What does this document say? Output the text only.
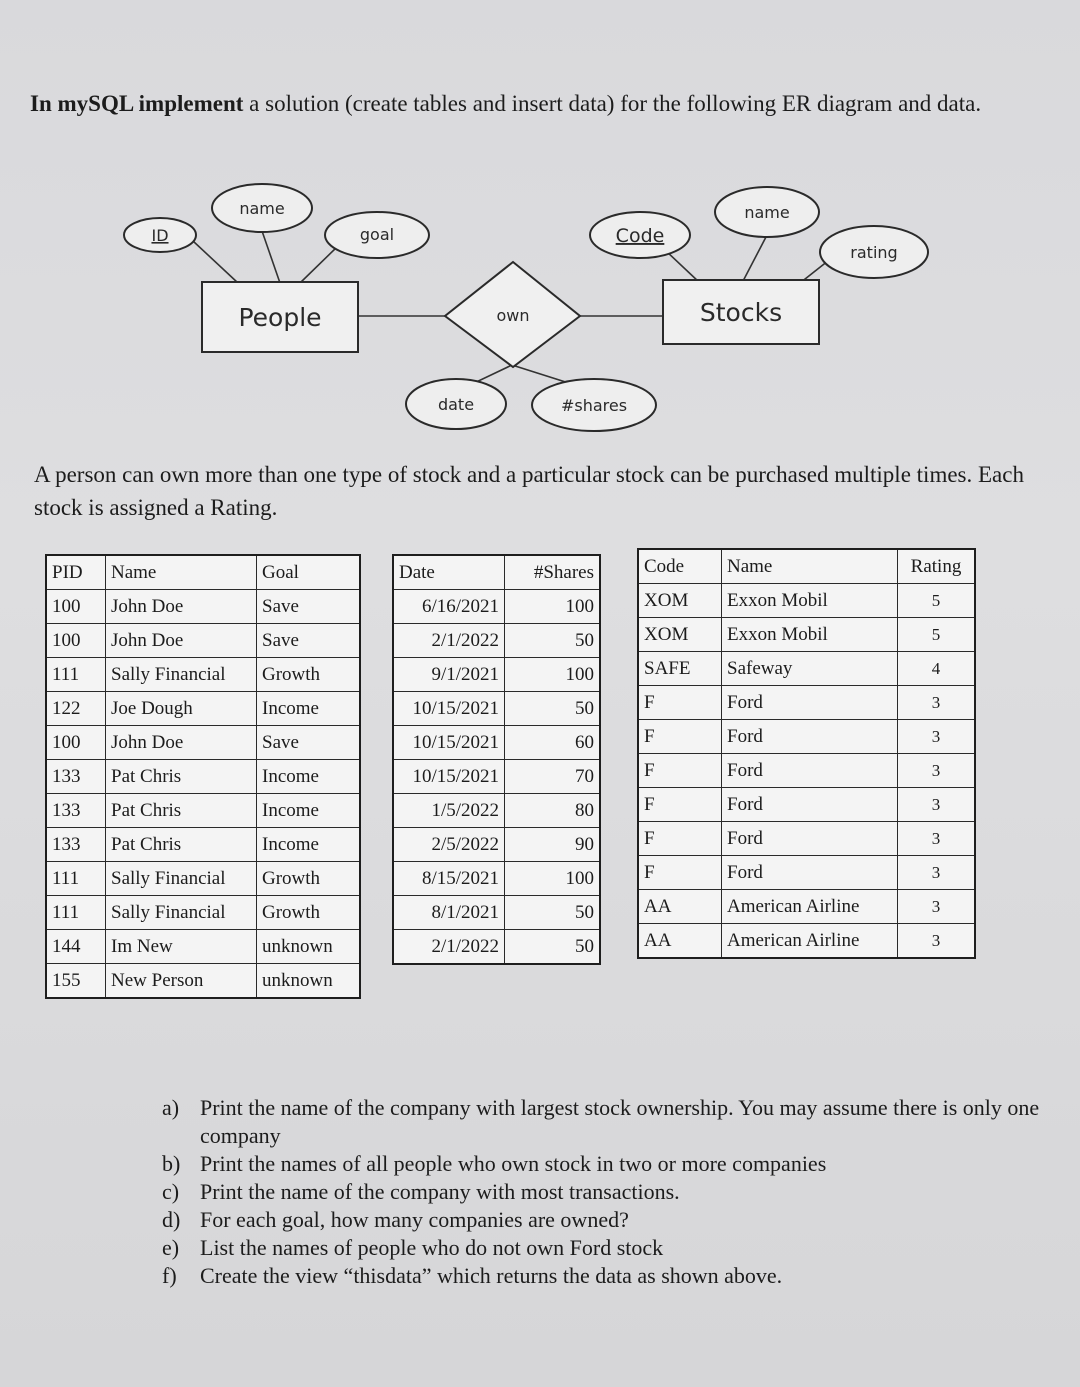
In mySQL implement a solution (create tables and insert data) for the following ER diagram and data.

ID
name
goal	Code
name
rating
date	#shares
People	Stocks
own

A person can own more than one type of stock and a particular stock can be purchased multiple times. Each stock is assigned a Rating.

PID	Name	Goal
100	John Doe	Save
100	John Doe	Save
111	Sally Financial	Growth
122	Joe Dough	Income
100	John Doe	Save
133	Pat Chris	Income
133	Pat Chris	Income
133	Pat Chris	Income
111	Sally Financial	Growth
111	Sally Financial	Growth
144	Im New	unknown
155	New Person	unknown
Date	#Shares
6/16/2021	100
2/1/2022	50
9/1/2021	100
10/15/2021	50
10/15/2021	60
10/15/2021	70
1/5/2022	80
2/5/2022	90
8/15/2021	100
8/1/2021	50
2/1/2022	50
Code	Name	Rating
XOM	Exxon Mobil	5
XOM	Exxon Mobil	5
SAFE	Safeway	4
F	Ford	3
F	Ford	3
F	Ford	3
F	Ford	3
F	Ford	3
F	Ford	3
AA	American Airline	3
AA	American Airline	3
a) Print the name of the company with largest stock ownership. You may assume there is only one company
b) Print the names of all people who own stock in two or more companies
c) Print the name of the company with most transactions.
d) For each goal, how many companies are owned?
e) List the names of people who do not own Ford stock
f)	Create the view “thisdata” which returns the data as shown above.
